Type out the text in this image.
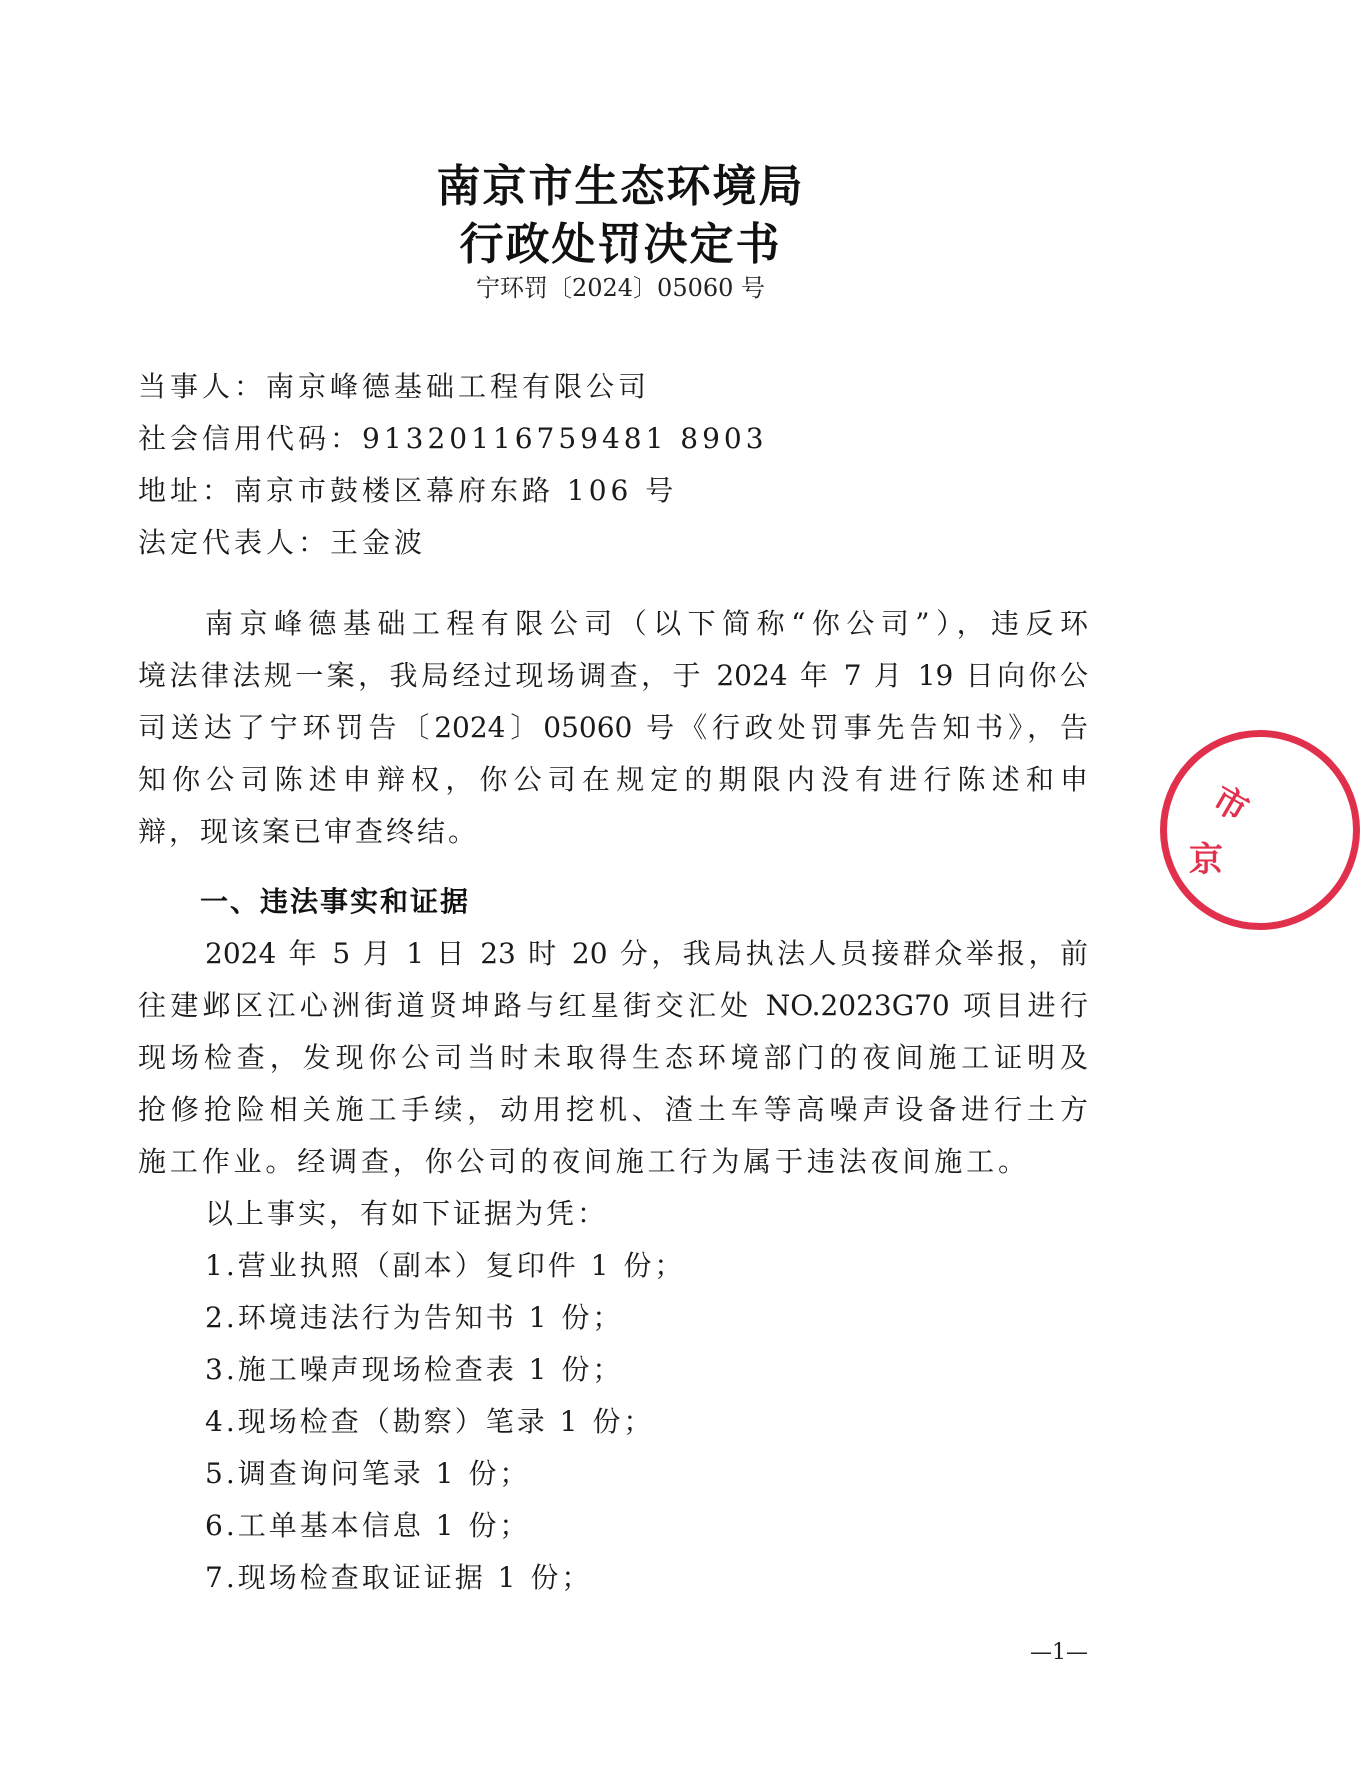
南京市生态环境局
行政处罚决定书
宁环罚〔2024〕05060 号
当事人：南京峰德基础工程有限公司
社会信用代码：91320116759481 8903
地址：南京市鼓楼区幕府东路 106 号
法定代表人：王金波
南京峰德基础工程有限公司（以下简称“你公司”），违反环
境法律法规一案，我局经过现场调查，于 2024 年 7 月 19 日向你公
司送达了宁环罚告〔2024〕05060 号《行政处罚事先告知书》，告
知你公司陈述申辩权，你公司在规定的期限内没有进行陈述和申
辩，现该案已审查终结。
一、违法事实和证据
2024 年 5 月 1 日 23 时 20 分，我局执法人员接群众举报，前
往建邺区江心洲街道贤坤路与红星街交汇处 NO.2023G70 项目进行
现场检查，发现你公司当时未取得生态环境部门的夜间施工证明及
抢修抢险相关施工手续，动用挖机、渣土车等高噪声设备进行土方
施工作业。经调查，你公司的夜间施工行为属于违法夜间施工。
以上事实，有如下证据为凭：
1.营业执照（副本）复印件 1 份；
2.环境违法行为告知书 1 份；
3.施工噪声现场检查表 1 份；
4.现场检查（勘察）笔录 1 份；
5.调查询问笔录 1 份；
6.工单基本信息 1 份；
7.现场检查取证证据 1 份；
—1—
京
市
